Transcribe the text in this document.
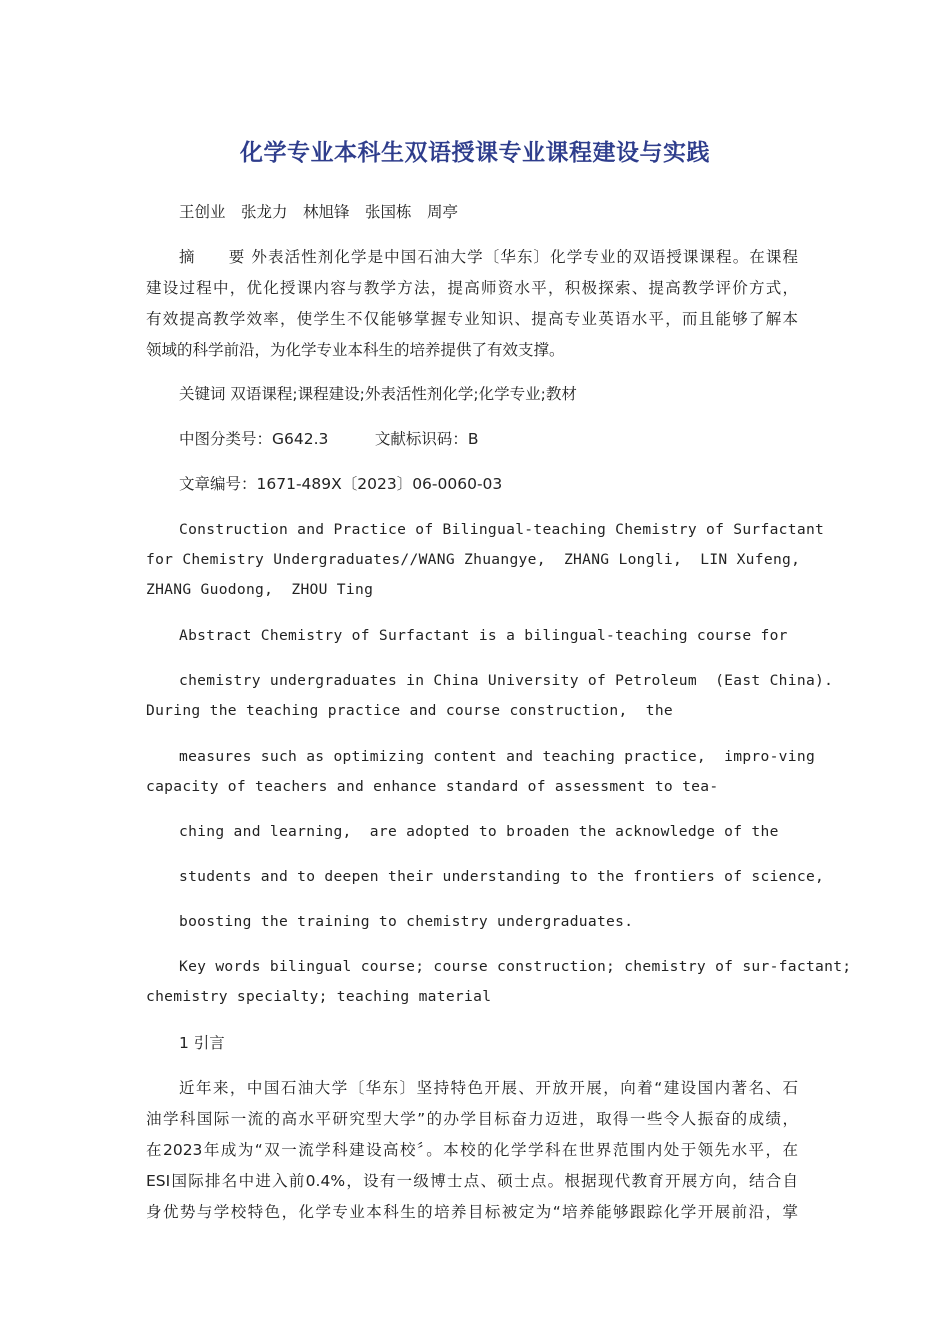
化学专业本科生双语授课专业课程建设与实践
王创业　张龙力　林旭锋　张国栋　周亭
摘　　要 外表活性剂化学是中国石油大学〔华东〕化学专业的双语授课课程。在课程
建设过程中，优化授课内容与教学方法，提高师资水平，积极探索、提高教学评价方式，
有效提高教学效率，使学生不仅能够掌握专业知识、提高专业英语水平，而且能够了解本
领域的科学前沿，为化学专业本科生的培养提供了有效支撑。
关键词 双语课程;课程建设;外表活性剂化学;化学专业;教材
中图分类号：G642.3　　　文献标识码：B
文章编号：1671-489X〔2023〕06-0060-03
Construction and Practice of Bilingual-teaching Chemistry of Surfactant
for Chemistry Undergraduates//WANG Zhuangye,  ZHANG Longli,  LIN Xufeng,
ZHANG Guodong,  ZHOU Ting
Abstract Chemistry of Surfactant is a bilingual-teaching course for
chemistry undergraduates in China University of Petroleum  (East China).
During the teaching practice and course construction,  the
measures such as optimizing content and teaching practice,  impro-ving
capacity of teachers and enhance standard of assessment to tea-
ching and learning,  are adopted to broaden the acknowledge of the
students and to deepen their understanding to the frontiers of science,
boosting the training to chemistry undergraduates.
Key words bilingual course; course construction; chemistry of sur-factant;
chemistry specialty; teaching material
1 引言
近年来，中国石油大学〔华东〕坚持特色开展、开放开展，向着“建设国内著名、石
油学科国际一流的高水平研究型大学”的办学目标奋力迈进，取得一些令人振奋的成绩，
在2023年成为“双一流学科建设高校〞。本校的化学学科在世界范围内处于领先水平，在
ESI国际排名中进入前0.4%，设有一级博士点、硕士点。根据现代教育开展方向，结合自
身优势与学校特色，化学专业本科生的培养目标被定为“培养能够跟踪化学开展前沿，掌
